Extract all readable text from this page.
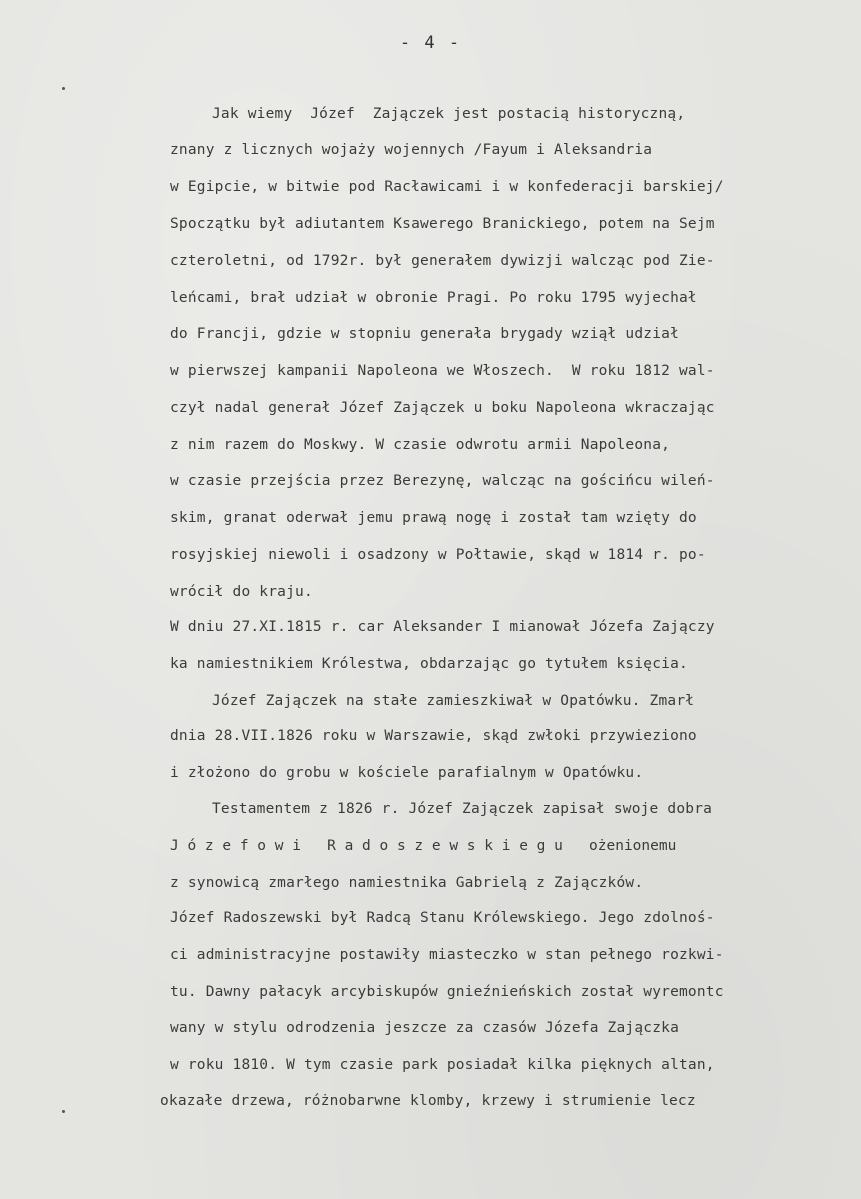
- 4 -
Jak wiemy  Józef  Zajączek jest postacią historyczną,
znany z licznych wojaży wojennych /Fayum i Aleksandria
w Egipcie, w bitwie pod Racławicami i w konfederacji barskiej/
Spoczątku był adiutantem Ksawerego Branickiego, potem na Sejm
czteroletni, od 1792r. był generałem dywizji walcząc pod Zie-
leńcami, brał udział w obronie Pragi. Po roku 1795 wyjechał
do Francji, gdzie w stopniu generała brygady wziął udział
w pierwszej kampanii Napoleona we Włoszech.  W roku 1812 wal-
czył nadal generał Józef Zajączek u boku Napoleona wkraczając
z nim razem do Moskwy. W czasie odwrotu armii Napoleona,
w czasie przejścia przez Berezynę, walcząc na gościńcu wileń-
skim, granat oderwał jemu prawą nogę i został tam wzięty do
rosyjskiej niewoli i osadzony w Połtawie, skąd w 1814 r. po-
wrócił do kraju.
W dniu 27.XI.1815 r. car Aleksander I mianował Józefa Zajączy
ka namiestnikiem Królestwa, obdarzając go tytułem księcia.
Józef Zajączek na stałe zamieszkiwał w Opatówku. Zmarł
dnia 28.VII.1826 roku w Warszawie, skąd zwłoki przywieziono
i złożono do grobu w kościele parafialnym w Opatówku.
Testamentem z 1826 r. Józef Zajączek zapisał swoje dobra
J ó z e f o w i   R a d o s z e w s k i e g u   ożenionemu
z synowicą zmarłego namiestnika Gabrielą z Zajączków.
Józef Radoszewski był Radcą Stanu Królewskiego. Jego zdolnoś-
ci administracyjne postawiły miasteczko w stan pełnego rozkwi-
tu. Dawny pałacyk arcybiskupów gnieźnieńskich został wyremontc
wany w stylu odrodzenia jeszcze za czasów Józefa Zajączka
w roku 1810. W tym czasie park posiadał kilka pięknych altan,
okazałe drzewa, różnobarwne klomby, krzewy i strumienie lecz
